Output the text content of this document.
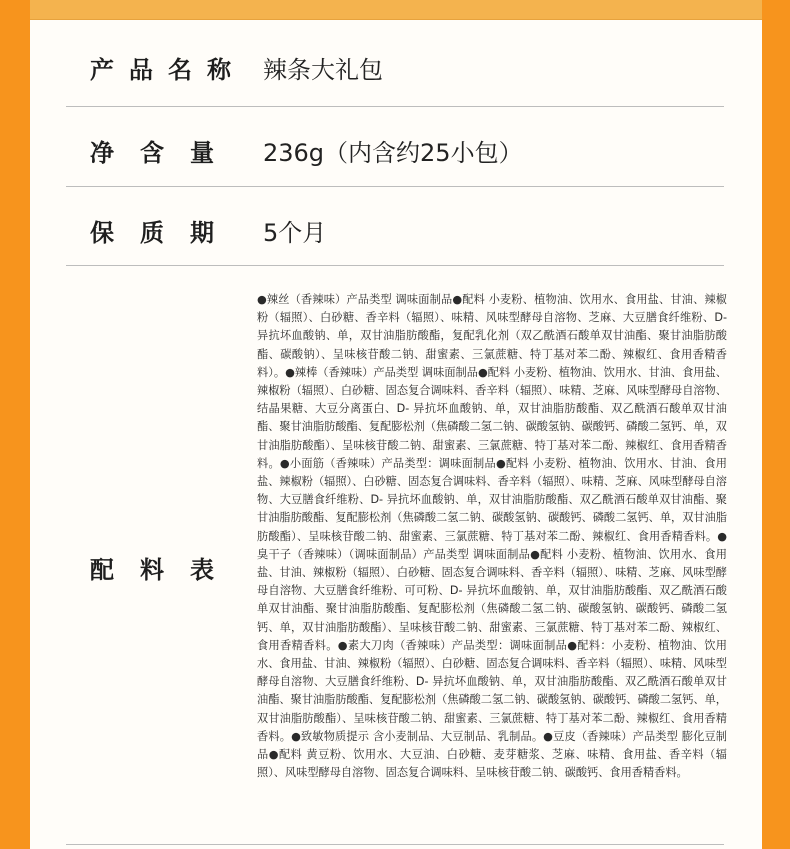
产品名称 辣条大礼包
净含量 236g（内含约25小包）
保质期 5个月
配料表
●辣丝（香辣味）产品类型 调味面制品●配料 小麦粉、植物油、饮用水、食用盐、甘油、辣椒粉（辐照）、白砂糖、香辛料（辐照）、味精、风味型酵母自溶物、芝麻、大豆膳食纤维粉、D- 异抗坏血酸钠、单，双甘油脂肪酸酯，复配乳化剂（双乙酰酒石酸单双甘油酯、聚甘油脂肪酸酯、碳酸钠）、呈味核苷酸二钠、甜蜜素、三氯蔗糖、特丁基对苯二酚、辣椒红、食用香精香料）。●辣棒（香辣味）产品类型 调味面制品●配料 小麦粉、植物油、饮用水、甘油、食用盐、辣椒粉（辐照）、白砂糖、固态复合调味料、香辛料（辐照）、味精、芝麻、风味型酵母自溶物、结晶果糖、大豆分离蛋白、D- 异抗坏血酸钠、单，双甘油脂肪酸酯、双乙酰酒石酸单双甘油酯、聚甘油脂肪酸酯、复配膨松剂（焦磷酸二氢二钠、碳酸氢钠、碳酸钙、磷酸二氢钙、单，双甘油脂肪酸酯）、呈味核苷酸二钠、甜蜜素、三氯蔗糖、特丁基对苯二酚、辣椒红、食用香精香料。●小面筋（香辣味）产品类型：调味面制品●配料 小麦粉、植物油、饮用水、甘油、食用盐、辣椒粉（辐照）、白砂糖、固态复合调味料、香辛料（辐照）、味精、芝麻、风味型酵母自溶物、大豆膳食纤维粉、D- 异抗坏血酸钠、单，双甘油脂肪酸酯、双乙酰酒石酸单双甘油酯、聚甘油脂肪酸酯、复配膨松剂（焦磷酸二氢二钠、碳酸氢钠、碳酸钙、磷酸二氢钙、单，双甘油脂肪酸酯）、呈味核苷酸二钠、甜蜜素、三氯蔗糖、特丁基对苯二酚、辣椒红、食用香精香料。●臭干子（香辣味）（调味面制品）产品类型 调味面制品●配料 小麦粉、植物油、饮用水、食用盐、甘油、辣椒粉（辐照）、白砂糖、固态复合调味料、香辛料（辐照）、味精、芝麻、风味型酵母自溶物、大豆膳食纤维粉、可可粉、D- 异抗坏血酸钠、单，双甘油脂肪酸酯、双乙酰酒石酸单双甘油酯、聚甘油脂肪酸酯、复配膨松剂（焦磷酸二氢二钠、碳酸氢钠、碳酸钙、磷酸二氢钙、单，双甘油脂肪酸酯）、呈味核苷酸二钠、甜蜜素、三氯蔗糖、特丁基对苯二酚、辣椒红、食用香精香料。●素大刀肉（香辣味）产品类型：调味面制品●配料：小麦粉、植物油、饮用水、食用盐、甘油、辣椒粉（辐照）、白砂糖、固态复合调味料、香辛料（辐照）、味精、风味型酵母自溶物、大豆膳食纤维粉、D- 异抗坏血酸钠、单，双甘油脂肪酸酯、双乙酰酒石酸单双甘油酯、聚甘油脂肪酸酯、复配膨松剂（焦磷酸二氢二钠、碳酸氢钠、碳酸钙、磷酸二氢钙、单，双甘油脂肪酸酯）、呈味核苷酸二钠、甜蜜素、三氯蔗糖、特丁基对苯二酚、辣椒红、食用香精香料。●致敏物质提示 含小麦制品、大豆制品、乳制品。●豆皮（香辣味）产品类型 膨化豆制品●配料 黄豆粉、饮用水、大豆油、白砂糖、麦芽糖浆、芝麻、味精、食用盐、香辛料（辐照）、风味型酵母自溶物、固态复合调味料、呈味核苷酸二钠、碳酸钙、食用香精香料。
